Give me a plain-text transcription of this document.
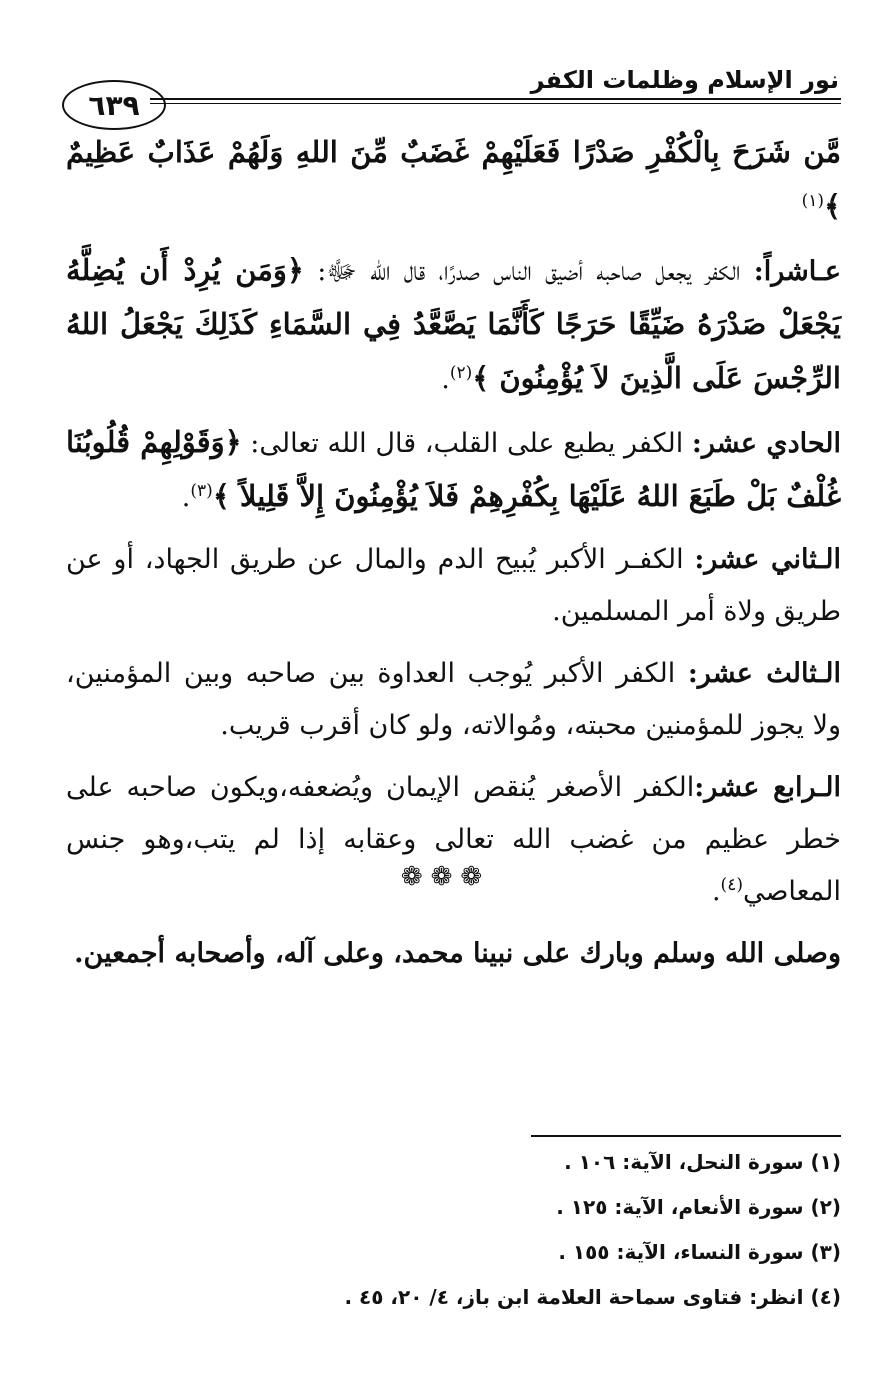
نور الإسلام وظلمات الكفر
٦٣٩

مَّن شَرَحَ بِالْكُفْرِ صَدْرًا فَعَلَيْهِمْ غَضَبٌ مِّنَ اللهِ وَلَهُمْ عَذَابٌ عَظِيمٌ ﴾$^{(١)}$

عـاشراً: الكفر يجعل صاحبه أضيق الناس صدرًا، قال الله ﷻ: ﴿وَمَن يُرِدْ أَن يُضِلَّهُ يَجْعَلْ صَدْرَهُ ضَيِّقًا حَرَجًا كَأَنَّمَا يَصَّعَّدُ فِي السَّمَاءِ كَذَلِكَ يَجْعَلُ اللهُ الرِّجْسَ عَلَى الَّذِينَ لاَ يُؤْمِنُونَ ﴾$^{(٢)}$.

الحادي عشر: الكفر يطبع على القلب، قال الله تعالى: ﴿وَقَوْلِهِمْ قُلُوبُنَا غُلْفٌ بَلْ طَبَعَ اللهُ عَلَيْهَا بِكُفْرِهِمْ فَلاَ يُؤْمِنُونَ إِلاَّ قَلِيلاً ﴾$^{(٣)}$.

الـثاني عشر: الكفـر الأكبر يُبيح الدم والمال عن طريق الجهاد، أو عن طريق ولاة أمر المسلمين.

الـثالث عشر: الكفر الأكبر يُوجب العداوة بين صاحبه وبين المؤمنين، ولا يجوز للمؤمنين محبته، ومُوالاته، ولو كان أقرب قريب.

الـرابع عشر:الكفر الأصغر يُنقص الإيمان ويُضعفه،ويكون صاحبه على خطر عظيم من غضب الله تعالى وعقابه إذا لم يتب،وهو جنس المعاصي$^{(٤)}$.

وصلى الله وسلم وبارك على نبينا محمد، وعلى آله، وأصحابه أجمعين.

❁❁❁
(١) سورة النحل، الآية: ١٠٦ .
(٢) سورة الأنعام، الآية: ١٢٥ .
(٣) سورة النساء، الآية: ١٥٥ .
(٤) انظر: فتاوى سماحة العلامة ابن باز، ٤/ ٢٠، ٤٥ .
